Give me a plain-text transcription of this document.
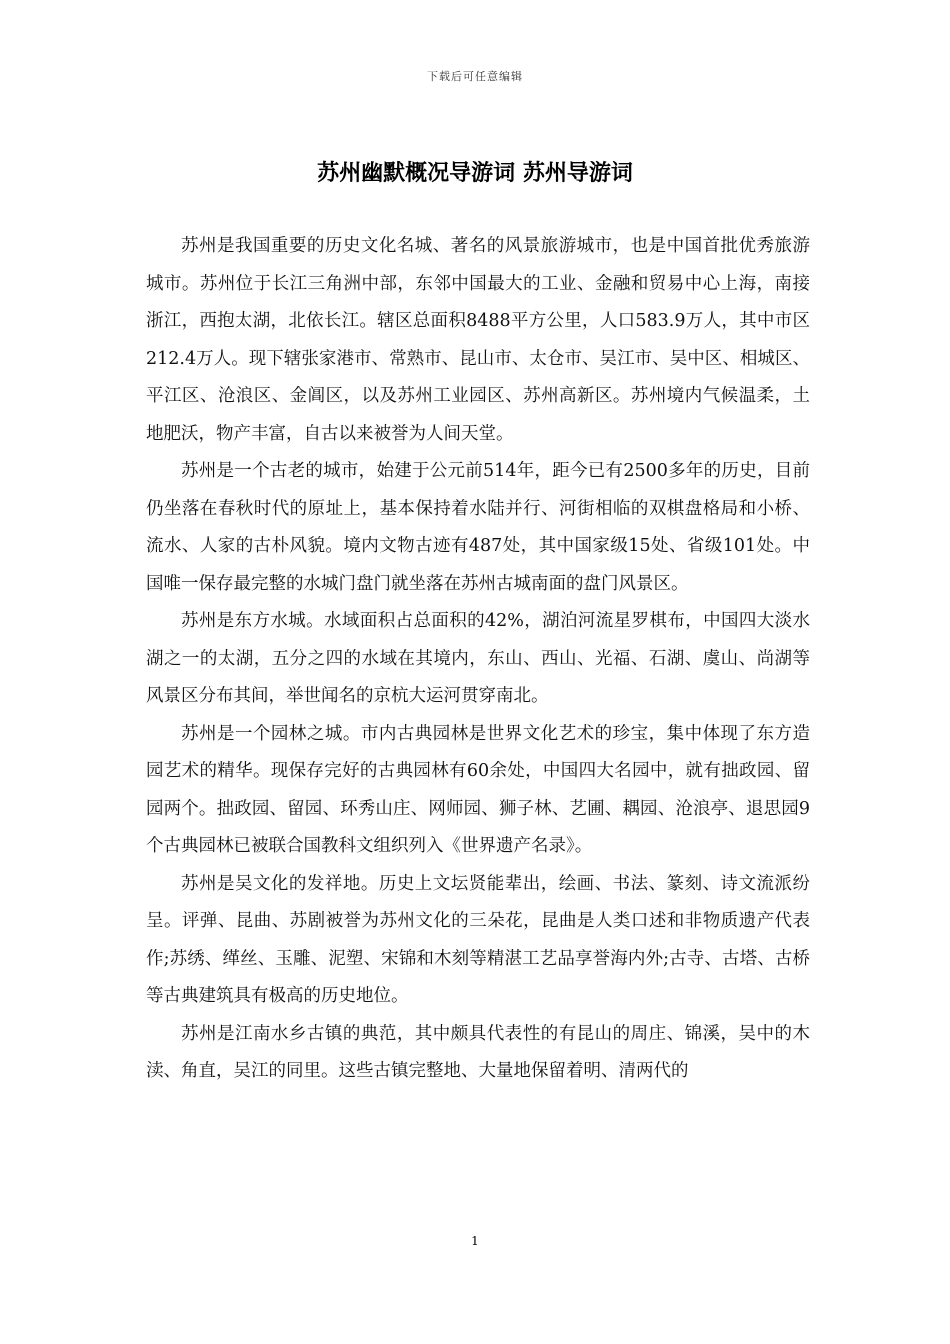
下载后可任意编辑
苏州幽默概况导游词 苏州导游词

苏州是我国重要的历史文化名城、著名的风景旅游城市，也是中国首批优秀旅游城市。苏州位于长江三角洲中部，东邻中国最大的工业、金融和贸易中心上海，南接浙江，西抱太湖，北依长江。辖区总面积8488平方公里，人口583.9万人，其中市区212.4万人。现下辖张家港市、常熟市、昆山市、太仓市、吴江市、吴中区、相城区、平江区、沧浪区、金阊区，以及苏州工业园区、苏州高新区。苏州境内气候温柔，土地肥沃，物产丰富，自古以来被誉为人间天堂。

苏州是一个古老的城市，始建于公元前514年，距今已有2500多年的历史，目前仍坐落在春秋时代的原址上，基本保持着水陆并行、河街相临的双棋盘格局和小桥、流水、人家的古朴风貌。境内文物古迹有487处，其中国家级15处、省级101处。中国唯一保存最完整的水城门盘门就坐落在苏州古城南面的盘门风景区。

苏州是东方水城。水域面积占总面积的42%，湖泊河流星罗棋布，中国四大淡水湖之一的太湖，五分之四的水域在其境内，东山、西山、光福、石湖、虞山、尚湖等风景区分布其间，举世闻名的京杭大运河贯穿南北。

苏州是一个园林之城。市内古典园林是世界文化艺术的珍宝，集中体现了东方造园艺术的精华。现保存完好的古典园林有60余处，中国四大名园中，就有拙政园、留园两个。拙政园、留园、环秀山庄、网师园、狮子林、艺圃、耦园、沧浪亭、退思园9个古典园林已被联合国教科文组织列入《世界遗产名录》。

苏州是吴文化的发祥地。历史上文坛贤能辈出，绘画、书法、篆刻、诗文流派纷呈。评弹、昆曲、苏剧被誉为苏州文化的三朵花，昆曲是人类口述和非物质遗产代表作;苏绣、缂丝、玉雕、泥塑、宋锦和木刻等精湛工艺品享誉海内外;古寺、古塔、古桥等古典建筑具有极高的历史地位。

苏州是江南水乡古镇的典范，其中颇具代表性的有昆山的周庄、锦溪，吴中的木渎、角直，吴江的同里。这些古镇完整地、大量地保留着明、清两代的

1
